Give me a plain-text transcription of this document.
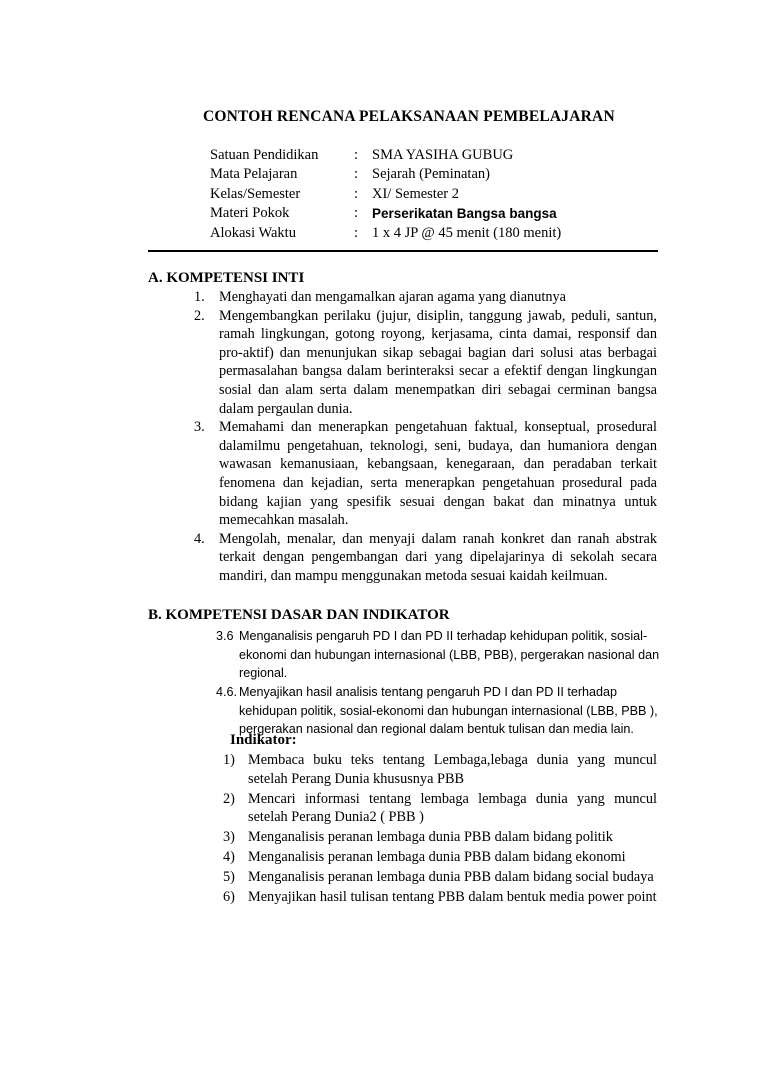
CONTOH RENCANA PELAKSANAAN PEMBELAJARAN
Satuan Pendidikan	: SMA YASIHA GUBUG
Mata Pelajaran	: Sejarah (Peminatan)
Kelas/Semester	: XI/ Semester 2
Materi Pokok	:	Perserikatan Bangsa bangsa
Alokasi Waktu	: 1 x 4 JP @ 45 menit (180 menit)
A. KOMPETENSI INTI
1. Menghayati dan mengamalkan ajaran agama yang dianutnya
2. Mengembangkan perilaku (jujur, disiplin, tanggung jawab, peduli, santun, ramah lingkungan, gotong royong, kerjasama, cinta damai, responsif dan pro-aktif) dan menunjukan sikap sebagai bagian dari solusi atas berbagai permasalahan bangsa dalam berinteraksi secar a efektif dengan lingkungan sosial dan alam serta dalam menempatkan diri sebagai cerminan bangsa dalam pergaulan dunia.
3. Memahami dan menerapkan pengetahuan faktual, konseptual, prosedural dalamilmu pengetahuan, teknologi, seni, budaya, dan humaniora dengan wawasan kemanusiaan, kebangsaan, kenegaraan, dan peradaban terkait fenomena dan kejadian, serta menerapkan pengetahuan prosedural pada bidang kajian yang spesifik sesuai dengan bakat dan minatnya untuk memecahkan masalah.
4. Mengolah, menalar, dan menyaji dalam ranah konkret dan ranah abstrak terkait dengan pengembangan dari yang dipelajarinya di sekolah secara mandiri, dan mampu menggunakan metoda sesuai kaidah keilmuan.
B. KOMPETENSI DASAR DAN INDIKATOR
3.6 Menganalisis pengaruh PD I dan PD II terhadap kehidupan politik, sosial-ekonomi dan hubungan internasional (LBB, PBB), pergerakan nasional dan regional.
4.6. Menyajikan hasil analisis tentang pengaruh PD I dan PD II terhadap kehidupan politik, sosial-ekonomi dan hubungan internasional (LBB, PBB ), pergerakan nasional dan regional dalam bentuk tulisan dan media lain.
Indikator:
1) Membaca buku teks tentang Lembaga,lebaga dunia yang muncul setelah Perang Dunia khususnya PBB
2) Mencari informasi tentang lembaga lembaga dunia yang muncul setelah Perang Dunia2 ( PBB )
3) Menganalisis peranan lembaga dunia PBB dalam bidang politik
4) Menganalisis peranan lembaga dunia PBB dalam bidang ekonomi
5) Menganalisis peranan lembaga dunia PBB dalam bidang social budaya
6) Menyajikan hasil tulisan tentang PBB dalam bentuk media power point
